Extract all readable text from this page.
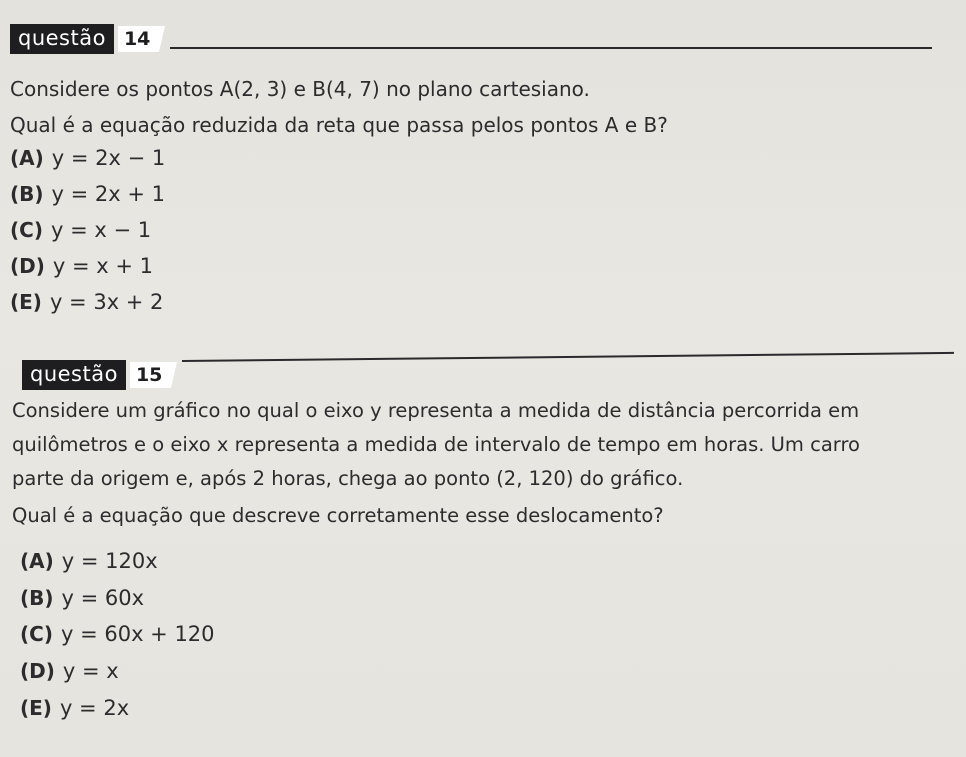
questão 14
Considere os pontos A(2, 3) e B(4, 7) no plano cartesiano.
Qual é a equação reduzida da reta que passa pelos pontos A e B?
(A) y = 2x − 1
(B) y = 2x + 1
(C) y = x − 1
(D) y = x + 1
(E) y = 3x + 2
questão 15
Considere um gráfico no qual o eixo y representa a medida de distância percorrida em
quilômetros e o eixo x representa a medida de intervalo de tempo em horas. Um carro
parte da origem e, após 2 horas, chega ao ponto (2, 120) do gráfico.
Qual é a equação que descreve corretamente esse deslocamento?
(A) y = 120x
(B) y = 60x
(C) y = 60x + 120
(D) y = x
(E) y = 2x
